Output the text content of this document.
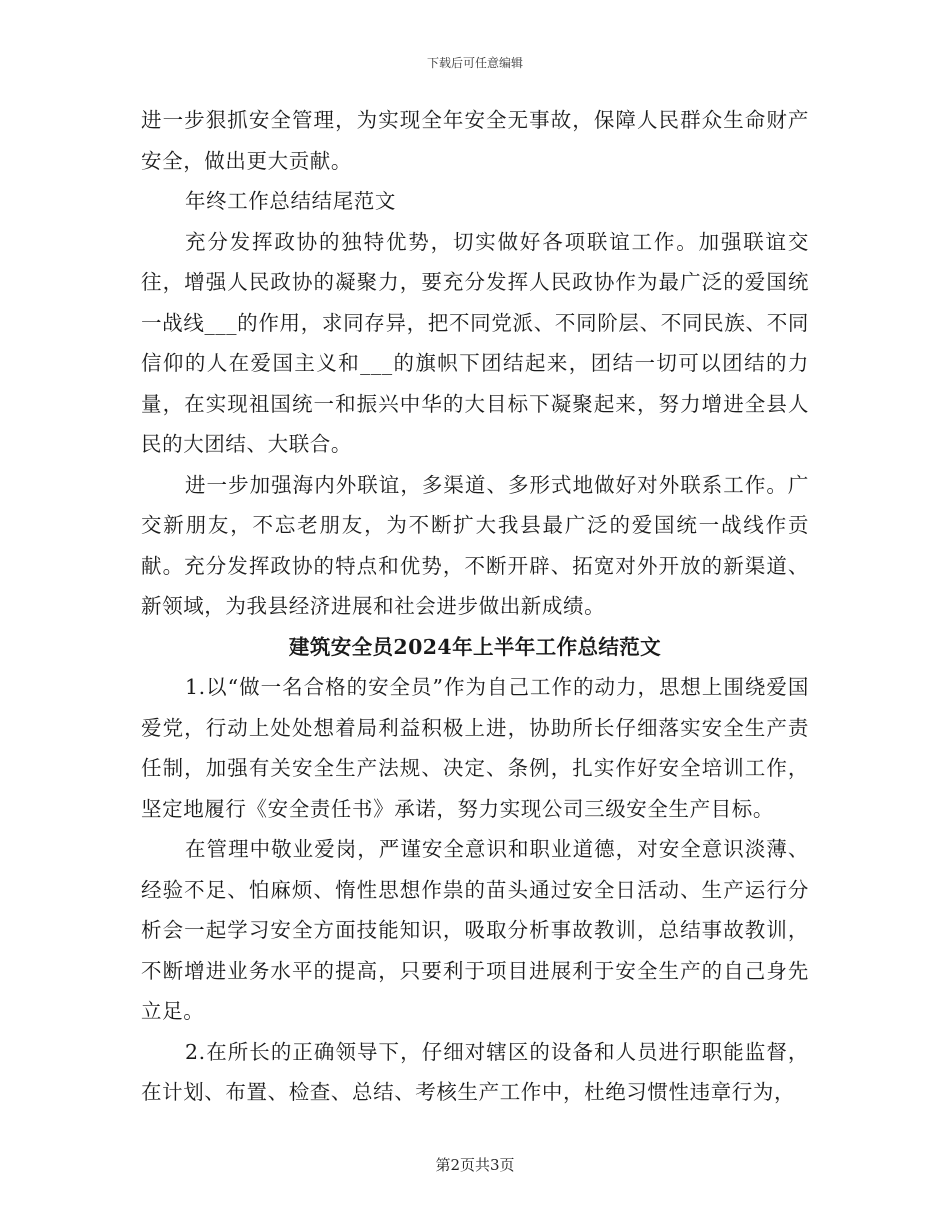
下载后可任意编辑

进一步狠抓安全管理，为实现全年安全无事故，保障人民群众生命财产安全，做出更大贡献。

年终工作总结结尾范文

充分发挥政协的独特优势，切实做好各项联谊工作。加强联谊交往，增强人民政协的凝聚力，要充分发挥人民政协作为最广泛的爱国统一战线___的作用，求同存异，把不同党派、不同阶层、不同民族、不同信仰的人在爱国主义和___的旗帜下团结起来，团结一切可以团结的力量，在实现祖国统一和振兴中华的大目标下凝聚起来，努力增进全县人民的大团结、大联合。

进一步加强海内外联谊，多渠道、多形式地做好对外联系工作。广交新朋友，不忘老朋友，为不断扩大我县最广泛的爱国统一战线作贡献。充分发挥政协的特点和优势，不断开辟、拓宽对外开放的新渠道、新领域，为我县经济进展和社会进步做出新成绩。

建筑安全员2024年上半年工作总结范文

1.以“做一名合格的安全员”作为自己工作的动力，思想上围绕爱国爱党，行动上处处想着局利益积极上进，协助所长仔细落实安全生产责任制，加强有关安全生产法规、决定、条例，扎实作好安全培训工作，坚定地履行《安全责任书》承诺，努力实现公司三级安全生产目标。

在管理中敬业爱岗，严谨安全意识和职业道德，对安全意识淡薄、经验不足、怕麻烦、惰性思想作祟的苗头通过安全日活动、生产运行分析会一起学习安全方面技能知识，吸取分析事故教训，总结事故教训，不断增进业务水平的提高，只要利于项目进展利于安全生产的自己身先立足。

2.在所长的正确领导下，仔细对辖区的设备和人员进行职能监督，在计划、布置、检查、总结、考核生产工作中，杜绝习惯性违章行为，

第2页共3页
